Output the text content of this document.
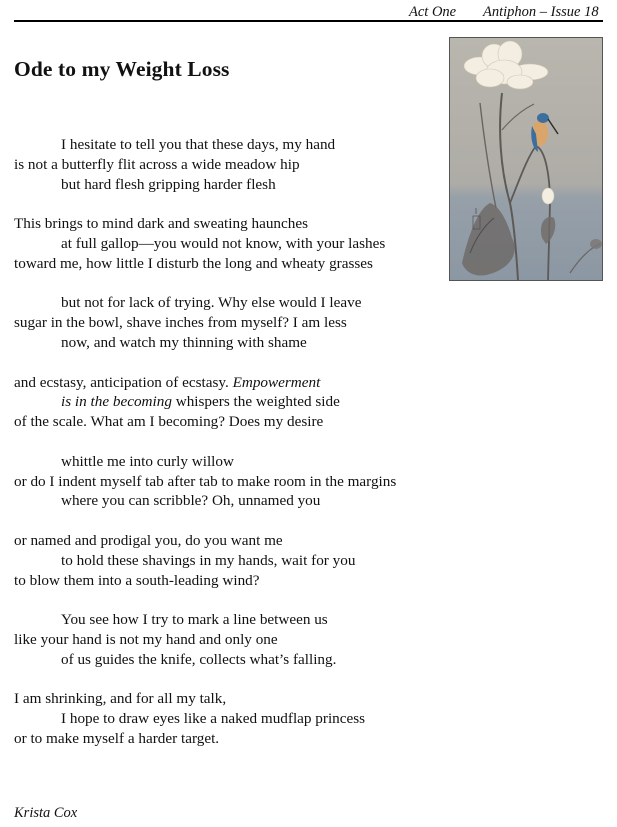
Act One Antiphon – Issue 18
Ode to my Weight Loss
I hesitate to tell you that these days, my hand
is not a butterfly flit across a wide meadow hip
but hard flesh gripping harder flesh
This brings to mind dark and sweating haunches
at full gallop—you would not know, with your lashes
toward me, how little I disturb the long and wheaty grasses
but not for lack of trying. Why else would I leave
sugar in the bowl, shave inches from myself? I am less
now, and watch my thinning with shame
and ecstasy, anticipation of ecstasy. Empowerment
is in the becoming whispers the weighted side
of the scale. What am I becoming? Does my desire
whittle me into curly willow
or do I indent myself tab after tab to make room in the margins
where you can scribble? Oh, unnamed you
or named and prodigal you, do you want me
to hold these shavings in my hands, wait for you
to blow them into a south-leading wind?
You see how I try to mark a line between us
like your hand is not my hand and only one
of us guides the knife, collects what’s falling.
I am shrinking, and for all my talk,
I hope to draw eyes like a naked mudflap princess
or to make myself a harder target.
Krista Cox
